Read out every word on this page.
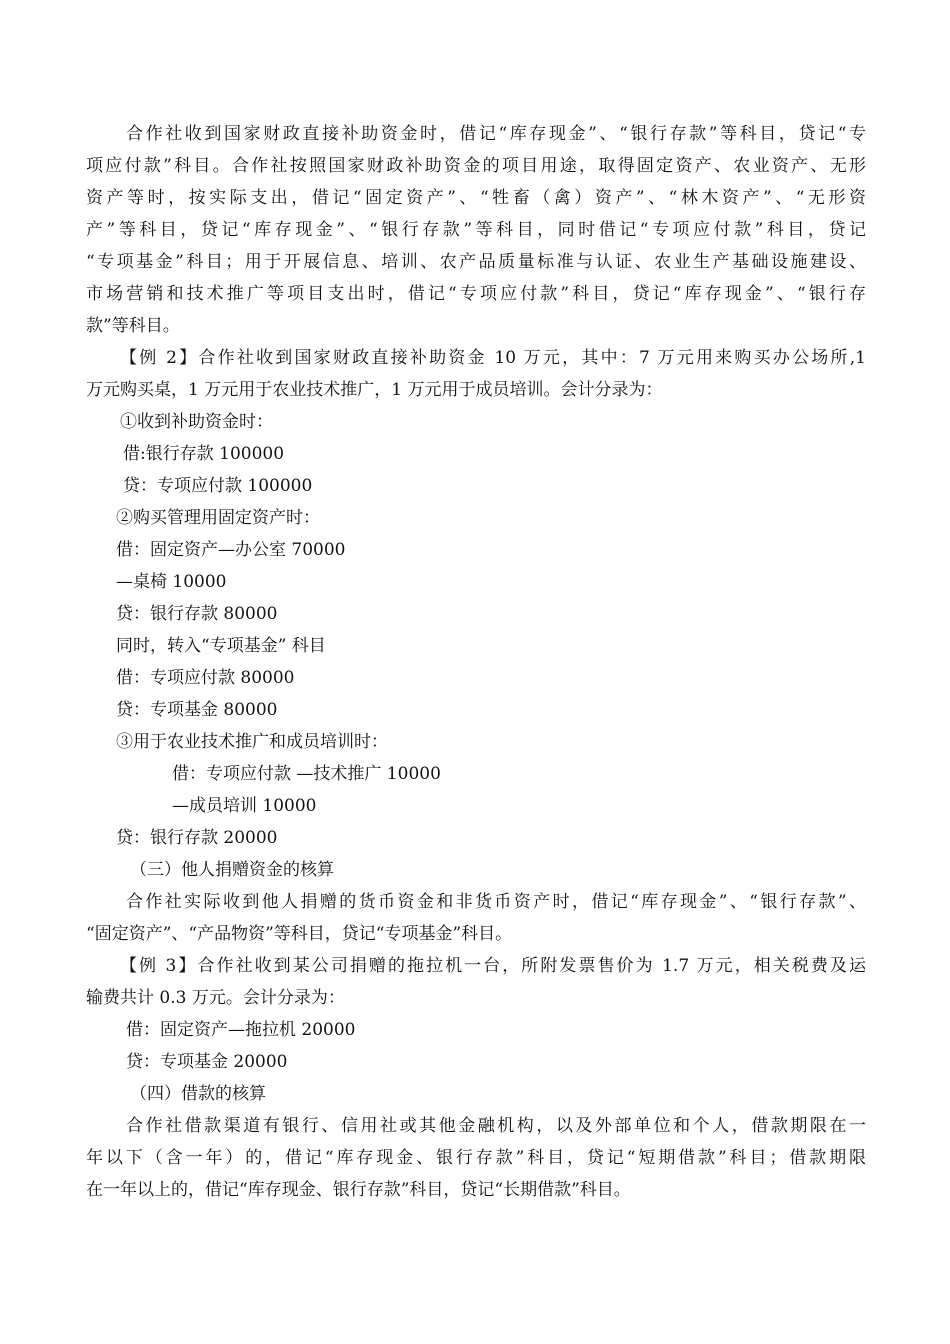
合作社收到国家财政直接补助资金时，借记“库存现金”、“银行存款”等科目，贷记“专
项应付款”科目。合作社按照国家财政补助资金的项目用途，取得固定资产、农业资产、无形
资产等时，按实际支出，借记“固定资产”、“牲畜（禽）资产”、“林木资产”、“无形资
产”等科目，贷记“库存现金”、“银行存款”等科目，同时借记“专项应付款”科目，贷记
“专项基金”科目；用于开展信息、培训、农产品质量标准与认证、农业生产基础设施建设、
市场营销和技术推广等项目支出时，借记“专项应付款”科目，贷记“库存现金”、“银行存
款”等科目。
【例 2】合作社收到国家财政直接补助资金 10 万元，其中：7 万元用来购买办公场所,1
万元购买桌，1 万元用于农业技术推广，1 万元用于成员培训。会计分录为：
①收到补助资金时：
借:银行存款 100000
贷：专项应付款 100000
②购买管理用固定资产时：
借：固定资产—办公室 70000
—桌椅 10000
贷：银行存款 80000
同时，转入“专项基金” 科目
借：专项应付款 80000
贷：专项基金 80000
③用于农业技术推广和成员培训时：
借：专项应付款 —技术推广 10000
—成员培训 10000
贷：银行存款 20000
（三）他人捐赠资金的核算
合作社实际收到他人捐赠的货币资金和非货币资产时，借记“库存现金”、“银行存款”、
“固定资产”、“产品物资”等科目，贷记“专项基金”科目。
【例 3】合作社收到某公司捐赠的拖拉机一台，所附发票售价为 1.7 万元，相关税费及运
输费共计 0.3 万元。会计分录为：
借：固定资产—拖拉机 20000
贷：专项基金 20000
（四）借款的核算
合作社借款渠道有银行、信用社或其他金融机构，以及外部单位和个人，借款期限在一
年以下（含一年）的，借记“库存现金、银行存款”科目，贷记“短期借款”科目；借款期限
在一年以上的，借记“库存现金、银行存款”科目，贷记“长期借款”科目。
